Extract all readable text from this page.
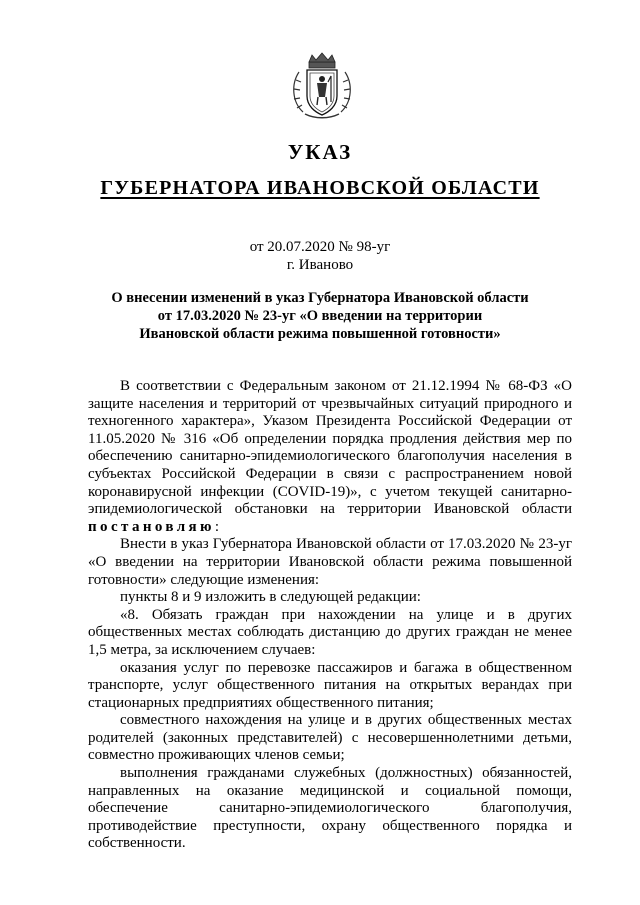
УКАЗ
ГУБЕРНАТОРА ИВАНОВСКОЙ ОБЛАСТИ
от 20.07.2020 № 98-уг
г. Иваново
О внесении изменений в указ Губернатора Ивановской области
от 17.03.2020 № 23-уг «О введении на территории
Ивановской области режима повышенной готовности»

В соответствии с Федеральным законом от 21.12.1994 № 68-ФЗ «О защите населения и территорий от чрезвычайных ситуаций природного и техногенного характера», Указом Президента Российской Федерации от 11.05.2020 № 316 «Об определении порядка продления действия мер по обеспечению санитарно-эпидемиологического благополучия населения в субъектах Российской Федерации в связи с распространением новой коронавирусной инфекции (COVID-19)», с учетом текущей санитарно-эпидемиологической обстановки на территории Ивановской области постановляю:

Внести в указ Губернатора Ивановской области от 17.03.2020 № 23-уг «О введении на территории Ивановской области режима повышенной готовности» следующие изменения:

пункты 8 и 9 изложить в следующей редакции:

«8. Обязать граждан при нахождении на улице и в других общественных местах соблюдать дистанцию до других граждан не менее 1,5 метра, за исключением случаев:

оказания услуг по перевозке пассажиров и багажа в общественном транспорте, услуг общественного питания на открытых верандах при стационарных предприятиях общественного питания;

совместного нахождения на улице и в других общественных местах родителей (законных представителей) с несовершеннолетними детьми, совместно проживающих членов семьи;

выполнения гражданами служебных (должностных) обязанностей, направленных на оказание медицинской и социальной помощи, обеспечение санитарно-эпидемиологического благополучия, противодействие преступности, охрану общественного порядка и собственности.
